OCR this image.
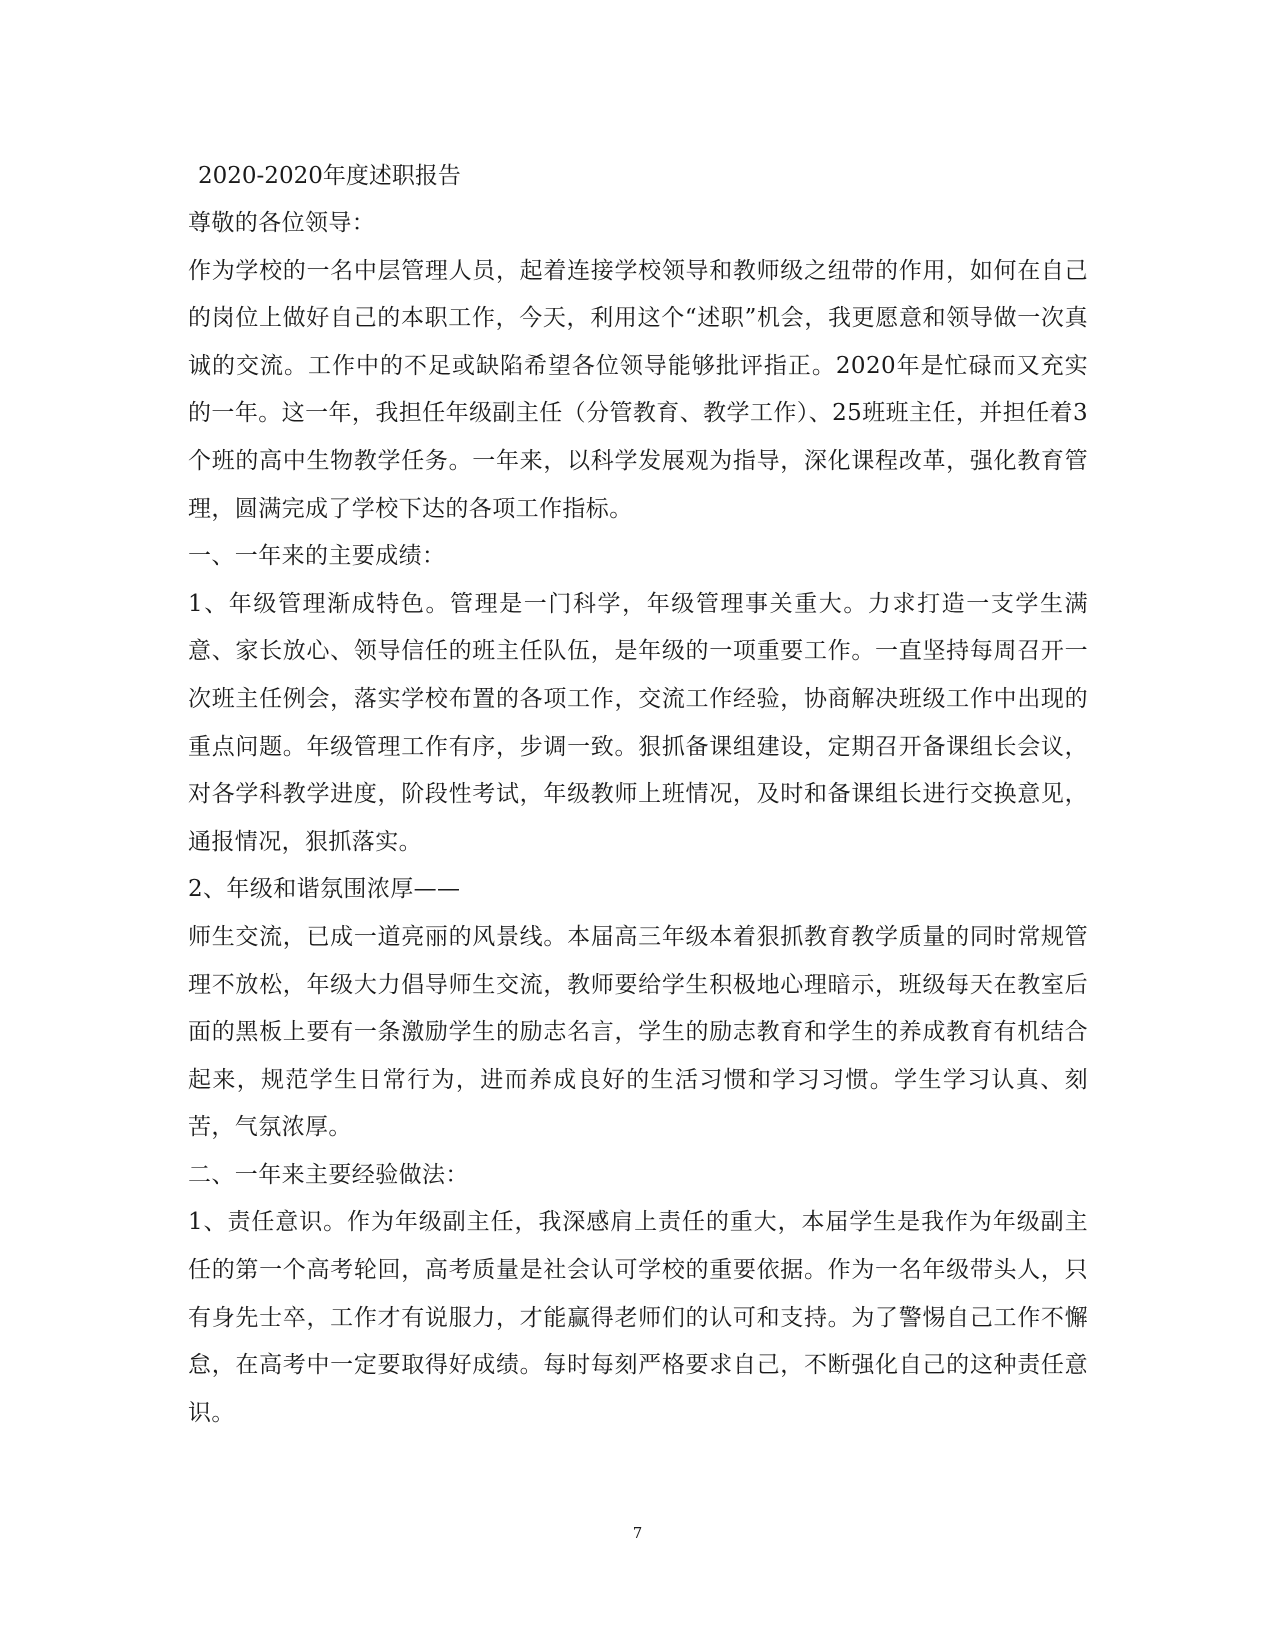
2020-2020年度述职报告

尊敬的各位领导：

作为学校的一名中层管理人员，起着连接学校领导和教师级之纽带的作用，如何在自己的岗位上做好自己的本职工作，今天，利用这个“述职”机会，我更愿意和领导做一次真诚的交流。工作中的不足或缺陷希望各位领导能够批评指正。2020年是忙碌而又充实的一年。这一年，我担任年级副主任（分管教育、教学工作）、25班班主任，并担任着3个班的高中生物教学任务。一年来，以科学发展观为指导，深化课程改革，强化教育管理，圆满完成了学校下达的各项工作指标。

一、一年来的主要成绩：

1、年级管理渐成特色。管理是一门科学，年级管理事关重大。力求打造一支学生满意、家长放心、领导信任的班主任队伍，是年级的一项重要工作。一直坚持每周召开一次班主任例会，落实学校布置的各项工作，交流工作经验，协商解决班级工作中出现的重点问题。年级管理工作有序，步调一致。狠抓备课组建设，定期召开备课组长会议，对各学科教学进度，阶段性考试，年级教师上班情况，及时和备课组长进行交换意见，通报情况，狠抓落实。

2、年级和谐氛围浓厚——

师生交流，已成一道亮丽的风景线。本届高三年级本着狠抓教育教学质量的同时常规管理不放松，年级大力倡导师生交流，教师要给学生积极地心理暗示，班级每天在教室后面的黑板上要有一条激励学生的励志名言，学生的励志教育和学生的养成教育有机结合起来，规范学生日常行为，进而养成良好的生活习惯和学习习惯。学生学习认真、刻苦，气氛浓厚。

二、一年来主要经验做法：

1、责任意识。作为年级副主任，我深感肩上责任的重大，本届学生是我作为年级副主任的第一个高考轮回，高考质量是社会认可学校的重要依据。作为一名年级带头人，只有身先士卒，工作才有说服力，才能赢得老师们的认可和支持。为了警惕自己工作不懈怠，在高考中一定要取得好成绩。每时每刻严格要求自己，不断强化自己的这种责任意识。

7
